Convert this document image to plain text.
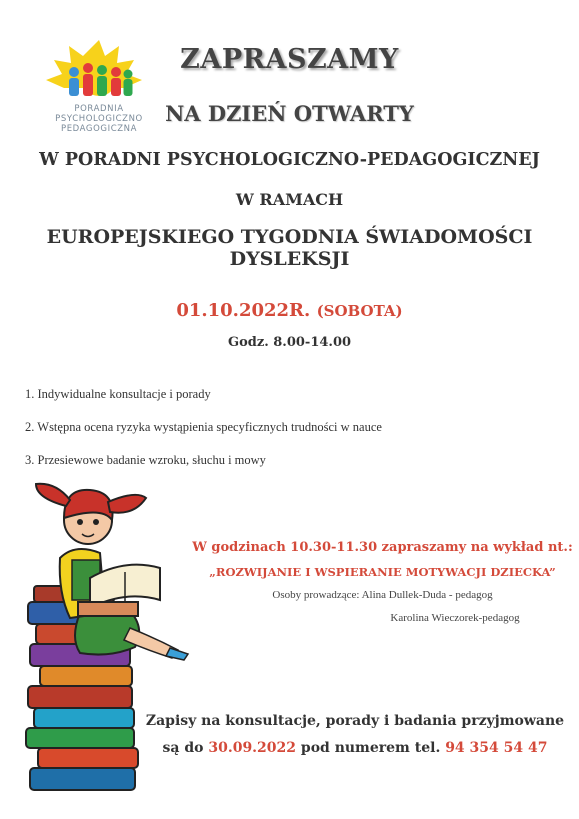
PORADNIA
PSYCHOLOGICZNO
PEDAGOGICZNA
ZAPRASZAMY
NA DZIEŃ OTWARTY
W PORADNI PSYCHOLOGICZNO-PEDAGOGICZNEJ
W RAMACH
EUROPEJSKIEGO TYGODNIA ŚWIADOMOŚCI DYSLEKSJI
01.10.2022R. (SOBOTA)
Godz. 8.00-14.00
1. Indywidualne konsultacje i porady
2. Wstępna ocena ryzyka wystąpienia specyficznych trudności w nauce
3. Przesiewowe badanie wzroku, słuchu i mowy
W godzinach 10.30-11.30 zapraszamy na wykład nt.:
„ROZWIJANIE I WSPIERANIE MOTYWACJI DZIECKA”
Osoby prowadzące: Alina Dullek-Duda - pedagog
Karolina Wieczorek-pedagog
Zapisy na konsultacje, porady i badania przyjmowane
są do 30.09.2022 pod numerem tel. 94 354 54 47
